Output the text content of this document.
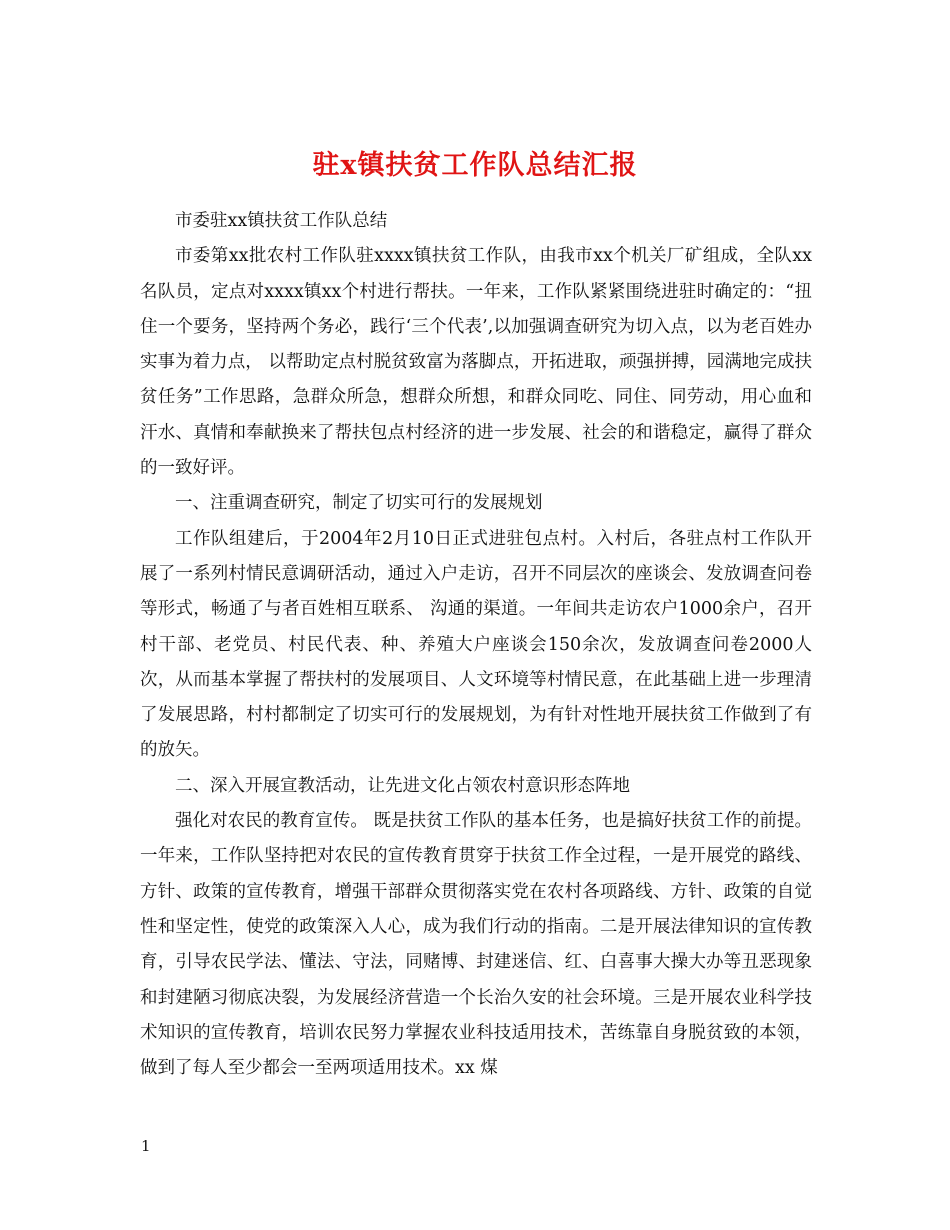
驻x镇扶贫工作队总结汇报

市委驻xx镇扶贫工作队总结

市委第xx批农村工作队驻xxxx镇扶贫工作队，由我市xx个机关厂矿组成，全队xx名队员，定点对xxxx镇xx个村进行帮扶。一年来，工作队紧紧围绕进驻时确定的：“扭住一个要务，坚持两个务必，践行‘三个代表’,以加强调查研究为切入点，以为老百姓办实事为着力点， 以帮助定点村脱贫致富为落脚点，开拓进取，顽强拼搏，园满地完成扶贫任务”工作思路，急群众所急，想群众所想，和群众同吃、同住、同劳动，用心血和汗水、真情和奉献换来了帮扶包点村经济的进一步发展、社会的和谐稳定，赢得了群众的一致好评。

一、注重调查研究，制定了切实可行的发展规划

工作队组建后，于2004年2月10日正式进驻包点村。入村后，各驻点村工作队开展了一系列村情民意调研活动，通过入户走访，召开不同层次的座谈会、发放调查问卷等形式，畅通了与者百姓相互联系、 沟通的渠道。一年间共走访农户1000余户，召开村干部、老党员、村民代表、种、养殖大户座谈会150余次，发放调查问卷2000人次，从而基本掌握了帮扶村的发展项目、人文环境等村情民意，在此基础上进一步理清了发展思路，村村都制定了切实可行的发展规划，为有针对性地开展扶贫工作做到了有的放矢。

二、深入开展宣教活动，让先进文化占领农村意识形态阵地

强化对农民的教育宣传。 既是扶贫工作队的基本任务，也是搞好扶贫工作的前提。一年来，工作队坚持把对农民的宣传教育贯穿于扶贫工作全过程，一是开展党的路线、方针、政策的宣传教育，增强干部群众贯彻落实党在农村各项路线、方针、政策的自觉性和坚定性，使党的政策深入人心，成为我们行动的指南。二是开展法律知识的宣传教育，引导农民学法、懂法、守法，同赌博、封建迷信、红、白喜事大操大办等丑恶现象和封建陋习彻底决裂，为发展经济营造一个长治久安的社会环境。三是开展农业科学技术知识的宣传教育，培训农民努力掌握农业科技适用技术，苦练靠自身脱贫致的本领，做到了每人至少都会一至两项适用技术。xx 煤

1
